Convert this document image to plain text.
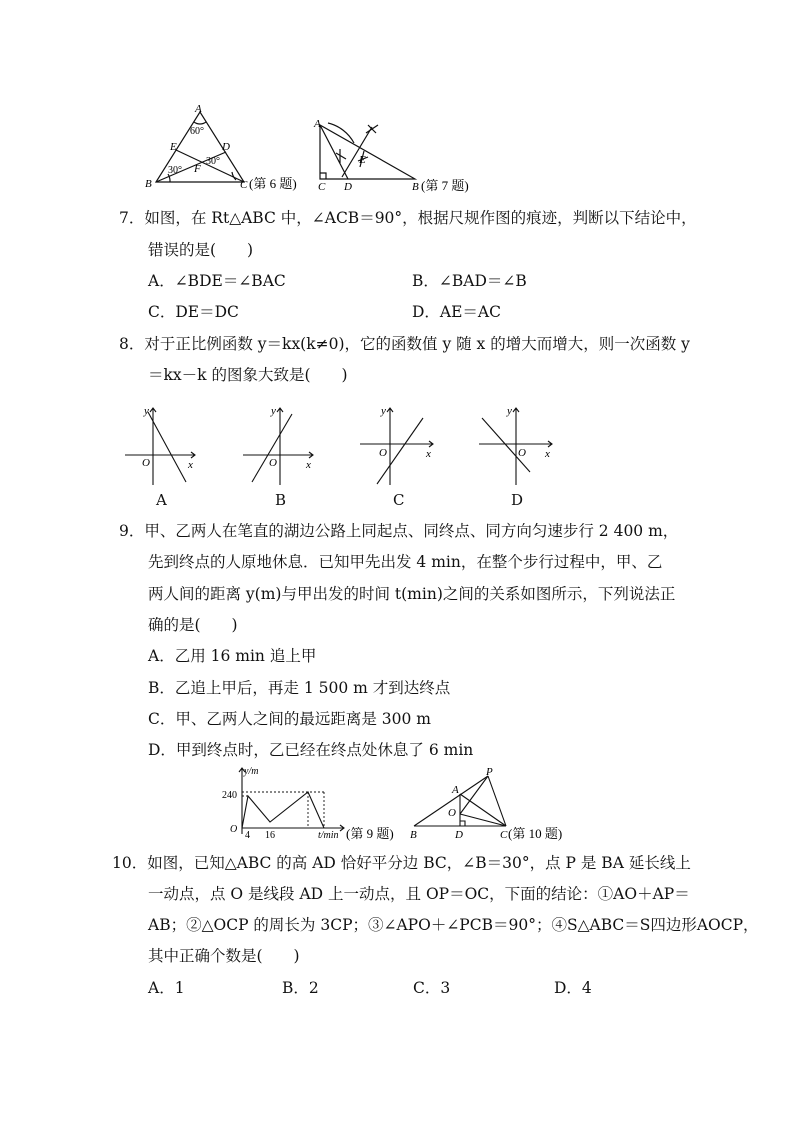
A
60°
E	D
30°
F
30°
B	C (第 6 题)
A
E
C D	B (第 7 题)
7．如图，在 Rt△ABC 中，∠ACB＝90°，根据尺规作图的痕迹，判断以下结论中，
错误的是(　　)
A．∠BDE＝∠BAC	B．∠BAD＝∠B
C．DE＝DC	D．AE＝AC
8．对于正比例函数 y＝kx(k≠0)，它的函数值 y 随 x 的增大而增大，则一次函数 y
＝kx－k 的图象大致是(　　)
y
x
O
y
x
O
y
x
O
y
x
O
A	B	C	D
9．甲、乙两人在笔直的湖边公路上同起点、同终点、同方向匀速步行 2 400 m，
先到终点的人原地休息．已知甲先出发 4 min，在整个步行过程中，甲、乙
两人间的距离 y(m)与甲出发的时间 t(min)之间的关系如图所示，下列说法正
确的是(　　)
A．乙用 16 min 追上甲
B．乙追上甲后，再走 1 500 m 才到达终点
C．甲、乙两人之间的最远距离是 300 m
D．甲到终点时，乙已经在终点处休息了 6 min
y/m
240
O
4 16	t/min (第 9 题)
P
A
O
B	D	C (第 10 题)
10．如图，已知△ABC 的高 AD 恰好平分边 BC，∠B＝30°，点 P 是 BA 延长线上
一动点，点 O 是线段 AD 上一动点，且 OP＝OC，下面的结论：①AO＋AP＝
AB；②△OCP 的周长为 3CP；③∠APO＋∠PCB＝90°；④S△ABC＝S四边形AOCP，
其中正确个数是(　　)
A．1	B．2	C．3	D．4
